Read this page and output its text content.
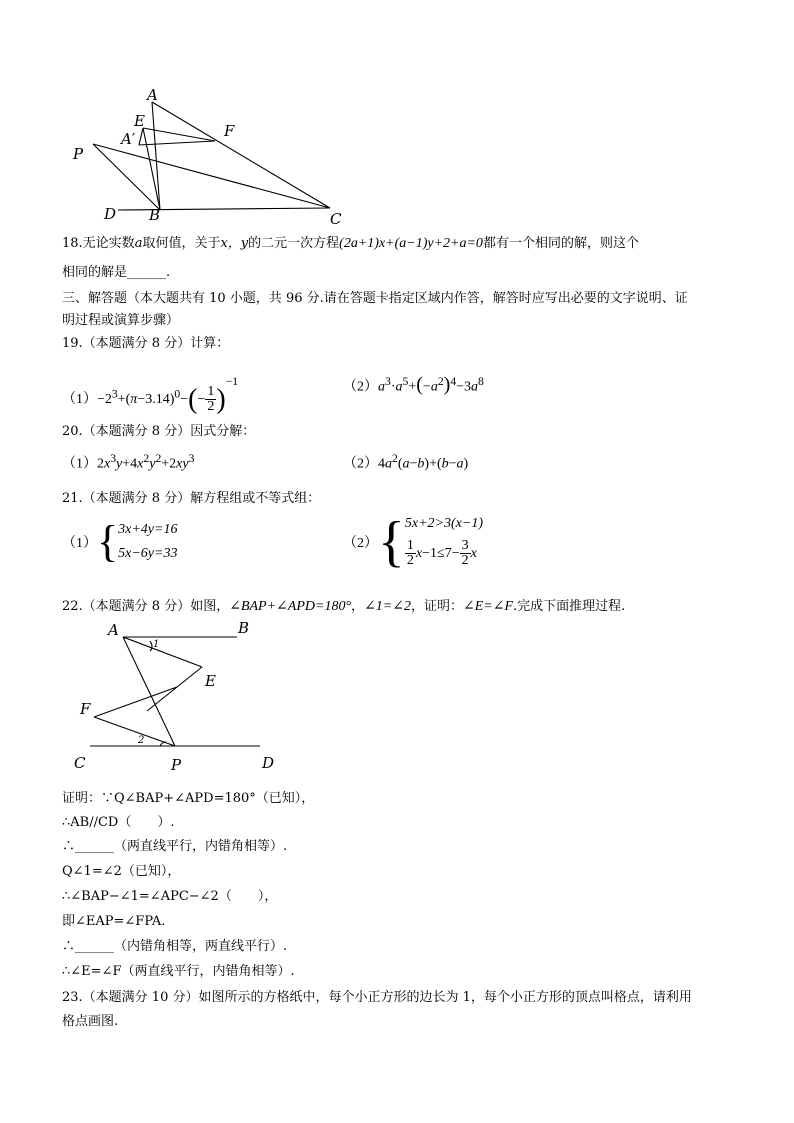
A
E
A′	F
P
D B	C
18.无论实数a取何值，关于x，y的二元一次方程(2a+1)x+(a−1)y+2+a=0都有一个相同的解，则这个
相同的解是______.
三、解答题（本大题共有 10 小题，共 96 分.请在答题卡指定区域内作答，解答时应写出必要的文字说明、证
明过程或演算步骤）
19.（本题满分 8 分）计算：
$(1)-2^3+(\pi-3.14)^0-(- \frac{1}{2} )^{-1}$	$(2)a^3\cdot a^5+(-a^2)^4-3a^8$
20.（本题满分 8 分）因式分解：
$(1)2x^3y+4x^2y^2+2xy^3$	$(2)4a^2(a-b)+(b-a)$
21.（本题满分 8 分）解方程组或不等式组：
（1）{ 3x+4y=16
5x−6y=33
（2）{ 5x+2>3(x−1)
$\frac{1}{2} x-1\le 7- \frac{3}{2}$ x
22.（本题满分 8 分）如图，∠BAP+∠APD=180°，∠1=∠2，证明：∠E=∠F.完成下面推理过程.
A	B
1
E
F
2
C	P	D
证明：∵Q∠BAP+∠APD=180°（已知），
∴AB//CD（　　）.
∴______（两直线平行，内错角相等）.
Q∠1=∠2（已知），
∴∠BAP−∠1=∠APC−∠2（　　），
即∠EAP=∠FPA.
∴______（内错角相等，两直线平行）.
∴∠E=∠F（两直线平行，内错角相等）.
23.（本题满分 10 分）如图所示的方格纸中，每个小正方形的边长为 1，每个小正方形的顶点叫格点，请利用
格点画图.
